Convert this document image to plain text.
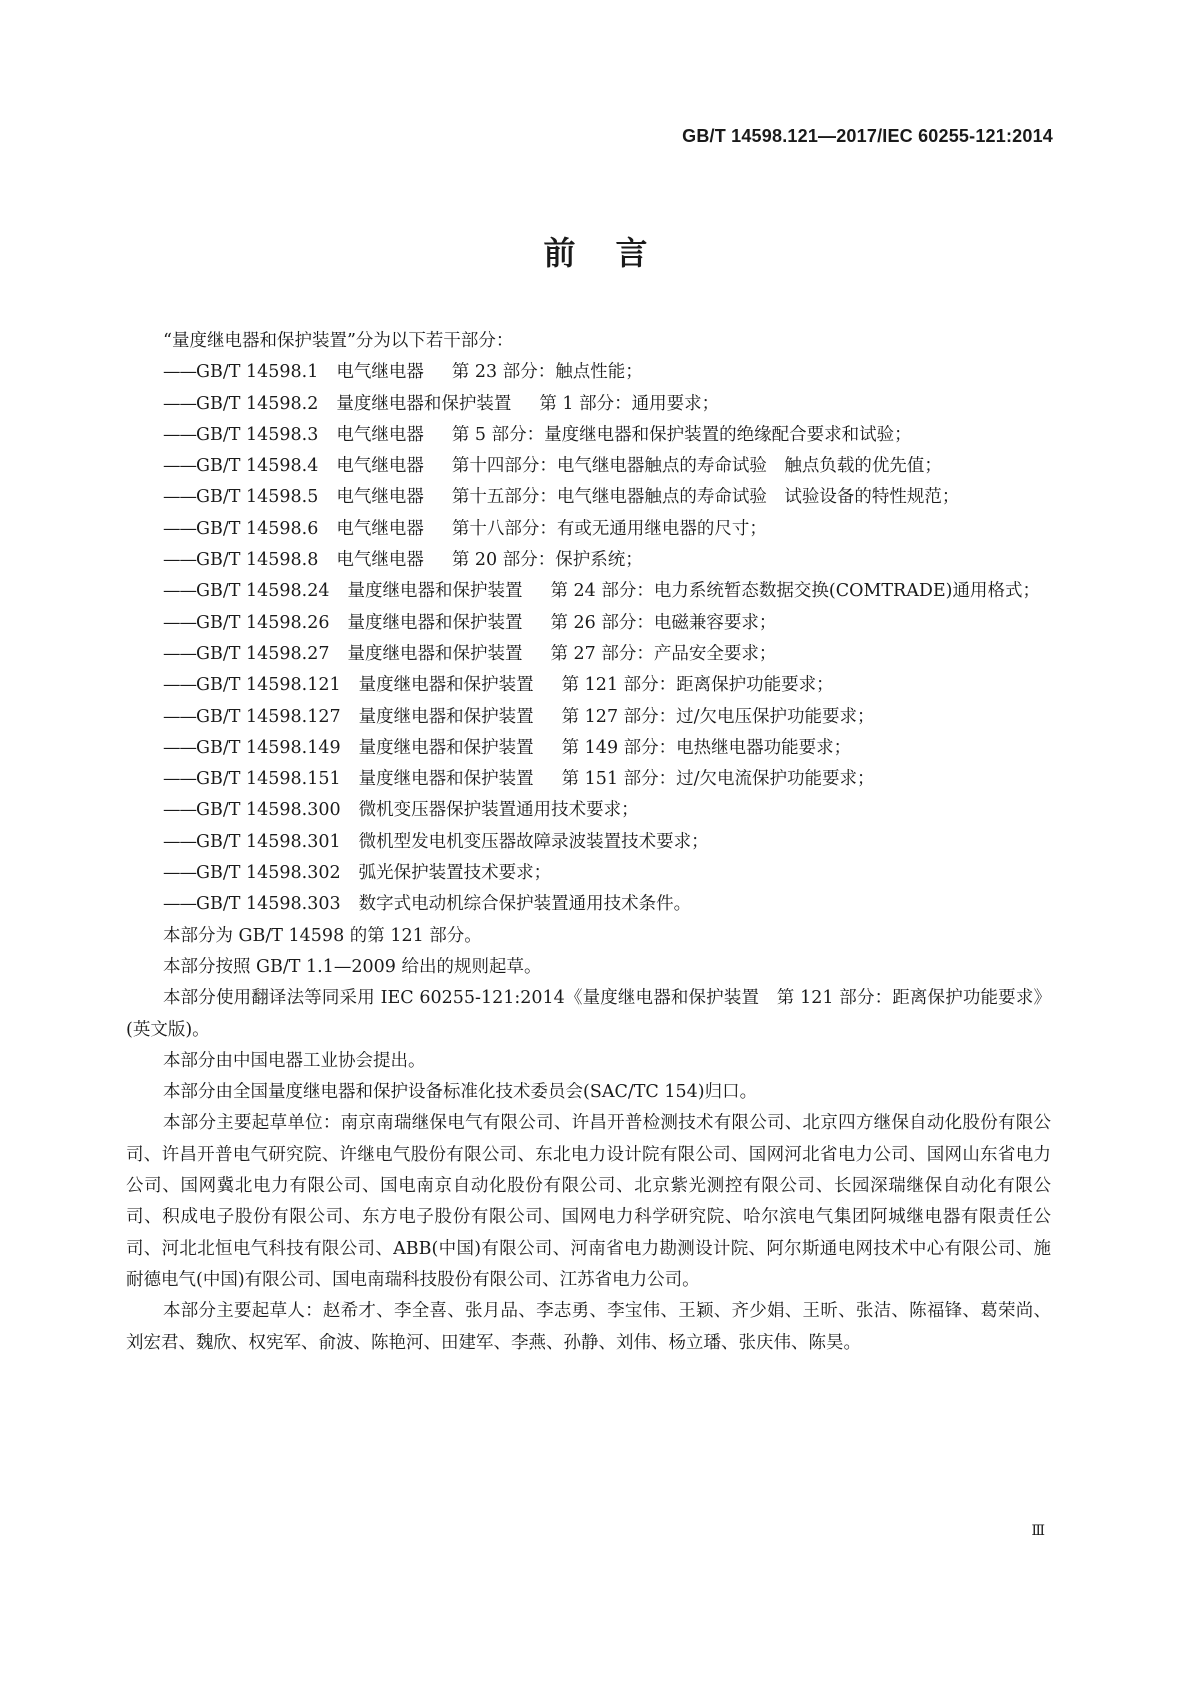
GB/T 14598.121—2017/IEC 60255-121:2014
前言

“量度继电器和保护装置”分为以下若干部分：

——GB/T 14598.1 电气继电器 第 23 部分：触点性能；

——GB/T 14598.2 量度继电器和保护装置 第 1 部分：通用要求；

——GB/T 14598.3 电气继电器 第 5 部分：量度继电器和保护装置的绝缘配合要求和试验；

——GB/T 14598.4 电气继电器 第十四部分：电气继电器触点的寿命试验　触点负载的优先值；

——GB/T 14598.5 电气继电器 第十五部分：电气继电器触点的寿命试验　试验设备的特性规范；

——GB/T 14598.6 电气继电器 第十八部分：有或无通用继电器的尺寸；

——GB/T 14598.8 电气继电器 第 20 部分：保护系统；

——GB/T 14598.24 量度继电器和保护装置 第 24 部分：电力系统暂态数据交换(COMTRADE)通用格式；

——GB/T 14598.26 量度继电器和保护装置 第 26 部分：电磁兼容要求；

——GB/T 14598.27 量度继电器和保护装置 第 27 部分：产品安全要求；

——GB/T 14598.121 量度继电器和保护装置 第 121 部分：距离保护功能要求；

——GB/T 14598.127 量度继电器和保护装置 第 127 部分：过/欠电压保护功能要求；

——GB/T 14598.149 量度继电器和保护装置 第 149 部分：电热继电器功能要求；

——GB/T 14598.151 量度继电器和保护装置 第 151 部分：过/欠电流保护功能要求；

——GB/T 14598.300 微机变压器保护装置通用技术要求；

——GB/T 14598.301 微机型发电机变压器故障录波装置技术要求；

——GB/T 14598.302 弧光保护装置技术要求；

——GB/T 14598.303 数字式电动机综合保护装置通用技术条件。

本部分为 GB/T 14598 的第 121 部分。

本部分按照 GB/T 1.1—2009 给出的规则起草。

本部分使用翻译法等同采用 IEC 60255-121:2014《量度继电器和保护装置　第 121 部分：距离保护功能要求》(英文版)。

本部分由中国电器工业协会提出。

本部分由全国量度继电器和保护设备标准化技术委员会(SAC/TC 154)归口。

本部分主要起草单位：南京南瑞继保电气有限公司、许昌开普检测技术有限公司、北京四方继保自动化股份有限公司、许昌开普电气研究院、许继电气股份有限公司、东北电力设计院有限公司、国网河北省电力公司、国网山东省电力公司、国网冀北电力有限公司、国电南京自动化股份有限公司、北京紫光测控有限公司、长园深瑞继保自动化有限公司、积成电子股份有限公司、东方电子股份有限公司、国网电力科学研究院、哈尔滨电气集团阿城继电器有限责任公司、河北北恒电气科技有限公司、ABB(中国)有限公司、河南省电力勘测设计院、阿尔斯通电网技术中心有限公司、施耐德电气(中国)有限公司、国电南瑞科技股份有限公司、江苏省电力公司。

本部分主要起草人：赵希才、李全喜、张月品、李志勇、李宝伟、王颖、齐少娟、王昕、张洁、陈福锋、葛荣尚、刘宏君、魏欣、权宪军、俞波、陈艳河、田建军、李燕、孙静、刘伟、杨立璠、张庆伟、陈昊。

Ⅲ
